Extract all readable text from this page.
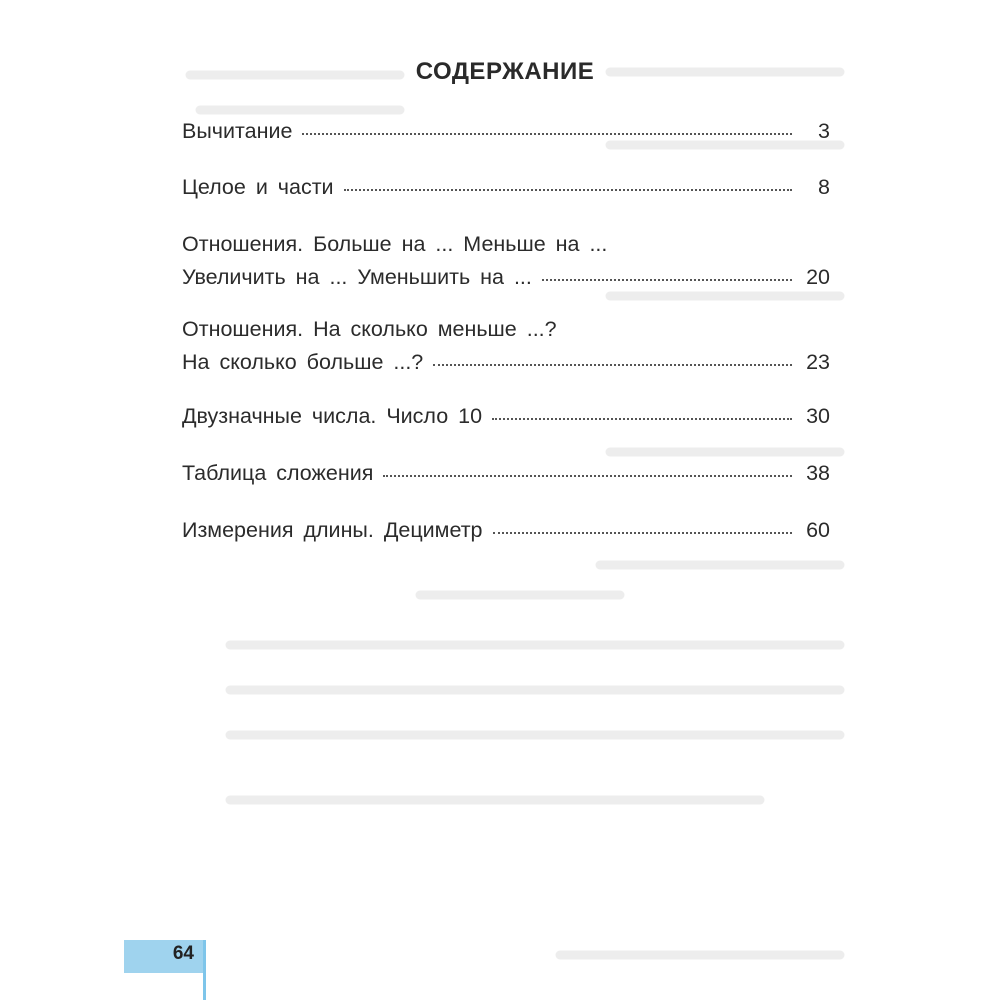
СОДЕРЖАНИЕ
Вычитание	3
Целое и части	8
Отношения. Больше на ... Меньше на ...
Увеличить на ... Уменьшить на ...	20
Отношения. На сколько меньше ...?
На сколько больше ...?	23
Двузначные числа. Число 10	30
Таблица сложения	38
Измерения длины. Дециметр	60
64
